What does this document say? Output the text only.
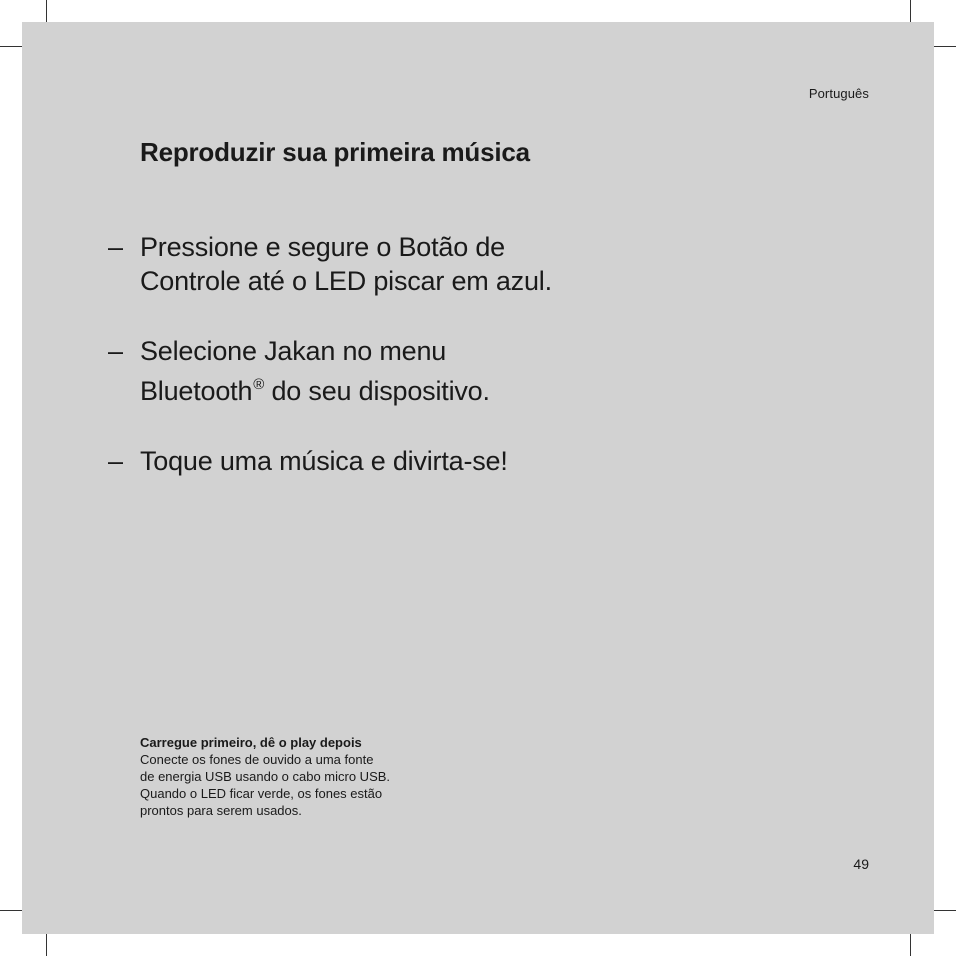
Português
Reproduzir sua primeira música
– Pressione e segure o Botão de
Controle até o LED piscar em azul.
– Selecione Jakan no menu
Bluetooth® do seu dispositivo.
– Toque uma música e divirta-se!
Carregue primeiro, dê o play depois
Conecte os fones de ouvido a uma fonte
de energia USB usando o cabo micro USB.
Quando o LED ficar verde, os fones estão
prontos para serem usados.
49
